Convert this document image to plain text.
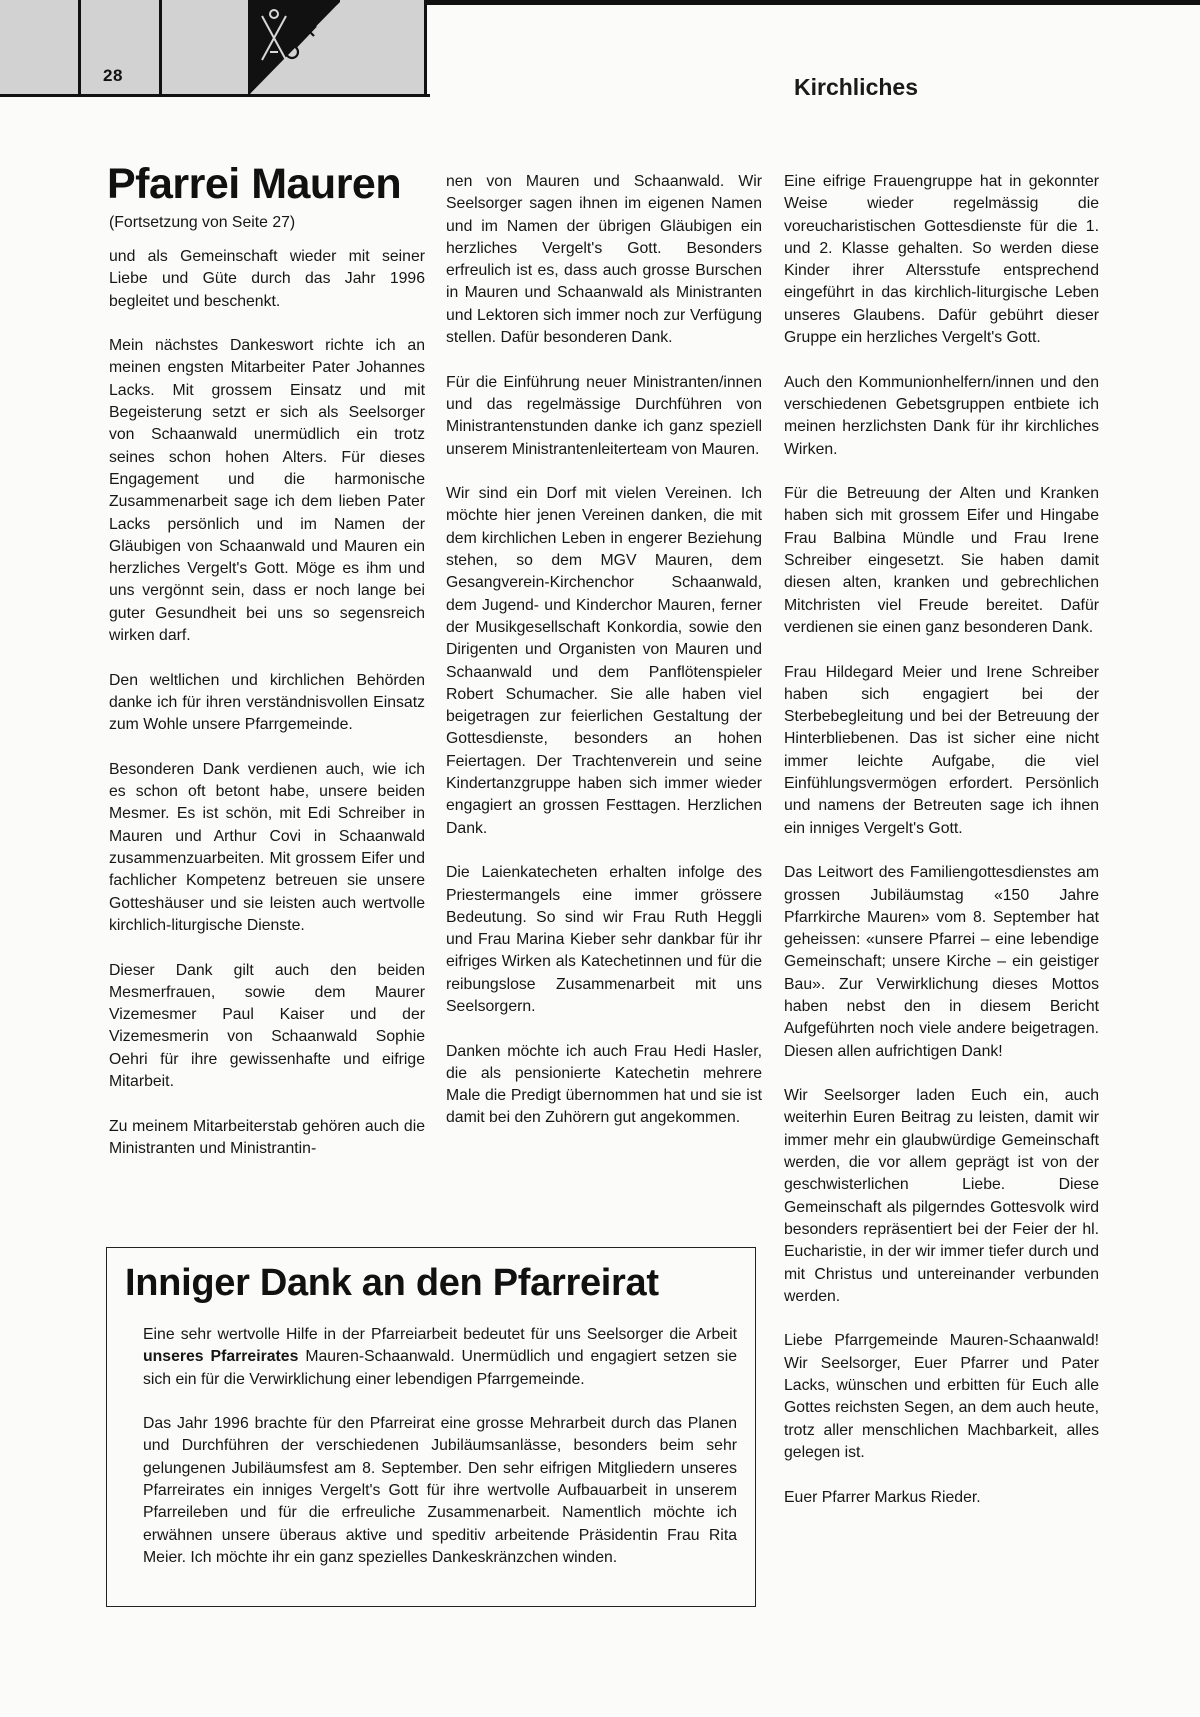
28	Kirchliches
Pfarrei Mauren

(Fortsetzung von Seite 27)

und als Gemeinschaft wieder mit seiner Liebe und Güte durch das Jahr 1996 begleitet und beschenkt.

Mein nächstes Dankeswort richte ich an meinen engsten Mitarbeiter Pater Johannes Lacks. Mit grossem Einsatz und mit Begeisterung setzt er sich als Seelsorger von Schaanwald unermüdlich ein trotz seines schon hohen Alters. Für dieses Engagement und die harmonische Zusammenarbeit sage ich dem lieben Pater Lacks persönlich und im Namen der Gläubigen von Schaanwald und Mauren ein herzliches Vergelt's Gott. Möge es ihm und uns vergönnt sein, dass er noch lange bei guter Gesundheit bei uns so segensreich wirken darf.

Den weltlichen und kirchlichen Behörden danke ich für ihren verständnisvollen Einsatz zum Wohle unsere Pfarrgemeinde.

Besonderen Dank verdienen auch, wie ich es schon oft betont habe, unsere beiden Mesmer. Es ist schön, mit Edi Schreiber in Mauren und Arthur Covi in Schaanwald zusammenzuarbeiten. Mit grossem Eifer und fachlicher Kompetenz betreuen sie unsere Gotteshäuser und sie leisten auch wertvolle kirchlich-liturgische Dienste.

Dieser Dank gilt auch den beiden Mesmerfrauen, sowie dem Maurer Vizemesmer Paul Kaiser und der Vizemesmerin von Schaanwald Sophie Oehri für ihre gewissenhafte und eifrige Mitarbeit.

Zu meinem Mitarbeiterstab gehören auch die Ministranten und Ministrantin-

nen von Mauren und Schaanwald. Wir Seelsorger sagen ihnen im eigenen Namen und im Namen der übrigen Gläubigen ein herzliches Vergelt's Gott. Besonders erfreulich ist es, dass auch grosse Burschen in Mauren und Schaanwald als Ministranten und Lektoren sich immer noch zur Verfügung stellen. Dafür besonderen Dank.

Für die Einführung neuer Ministranten/innen und das regelmässige Durchführen von Ministrantenstunden danke ich ganz speziell unserem Ministrantenleiterteam von Mauren.

Wir sind ein Dorf mit vielen Vereinen. Ich möchte hier jenen Vereinen danken, die mit dem kirchlichen Leben in engerer Beziehung stehen, so dem MGV Mauren, dem Gesangverein-Kirchenchor Schaanwald, dem Jugend- und Kinderchor Mauren, ferner der Musikgesellschaft Konkordia, sowie den Dirigenten und Organisten von Mauren und Schaanwald und dem Panflötenspieler Robert Schumacher. Sie alle haben viel beigetragen zur feierlichen Gestaltung der Gottesdienste, besonders an hohen Feiertagen. Der Trachtenverein und seine Kindertanzgruppe haben sich immer wieder engagiert an grossen Festtagen. Herzlichen Dank.

Die Laienkatecheten erhalten infolge des Priestermangels eine immer grössere Bedeutung. So sind wir Frau Ruth Heggli und Frau Marina Kieber sehr dankbar für ihr eifriges Wirken als Katechetinnen und für die reibungslose Zusammenarbeit mit uns Seelsorgern.

Danken möchte ich auch Frau Hedi Hasler, die als pensionierte Katechetin mehrere Male die Predigt übernommen hat und sie ist damit bei den Zuhörern gut angekommen.

Eine eifrige Frauengruppe hat in gekonnter Weise wieder regelmässig die voreucharistischen Gottesdienste für die 1. und 2. Klasse gehalten. So werden diese Kinder ihrer Altersstufe entsprechend eingeführt in das kirchlich-liturgische Leben unseres Glaubens. Dafür gebührt dieser Gruppe ein herzliches Vergelt's Gott.

Auch den Kommunionhelfern/innen und den verschiedenen Gebetsgruppen entbiete ich meinen herzlichsten Dank für ihr kirchliches Wirken.

Für die Betreuung der Alten und Kranken haben sich mit grossem Eifer und Hingabe Frau Balbina Mündle und Frau Irene Schreiber eingesetzt. Sie haben damit diesen alten, kranken und gebrechlichen Mitchristen viel Freude bereitet. Dafür verdienen sie einen ganz besonderen Dank.

Frau Hildegard Meier und Irene Schreiber haben sich engagiert bei der Sterbebegleitung und bei der Betreuung der Hinterbliebenen. Das ist sicher eine nicht immer leichte Aufgabe, die viel Einfühlungsvermögen erfordert. Persönlich und namens der Betreuten sage ich ihnen ein inniges Vergelt's Gott.

Das Leitwort des Familiengottesdienstes am grossen Jubiläumstag «150 Jahre Pfarrkirche Mauren» vom 8. September hat geheissen: «unsere Pfarrei – eine lebendige Gemeinschaft; unsere Kirche – ein geistiger Bau». Zur Verwirklichung dieses Mottos haben nebst den in diesem Bericht Aufgeführten noch viele andere beigetragen. Diesen allen aufrichtigen Dank!

Wir Seelsorger laden Euch ein, auch weiterhin Euren Beitrag zu leisten, damit wir immer mehr ein glaubwürdige Gemeinschaft werden, die vor allem geprägt ist von der geschwisterlichen Liebe. Diese Gemeinschaft als pilgerndes Gottesvolk wird besonders repräsentiert bei der Feier der hl. Eucharistie, in der wir immer tiefer durch und mit Christus und untereinander verbunden werden.

Liebe Pfarrgemeinde Mauren-Schaanwald! Wir Seelsorger, Euer Pfarrer und Pater Lacks, wünschen und erbitten für Euch alle Gottes reichsten Segen, an dem auch heute, trotz aller menschlichen Machbarkeit, alles gelegen ist.

Euer Pfarrer Markus Rieder.

Inniger Dank an den Pfarreirat

Eine sehr wertvolle Hilfe in der Pfarreiarbeit bedeutet für uns Seelsorger die Arbeit unseres Pfarreirates Mauren-Schaanwald. Unermüdlich und engagiert setzen sie sich ein für die Verwirklichung einer lebendigen Pfarrgemeinde.

Das Jahr 1996 brachte für den Pfarreirat eine grosse Mehrarbeit durch das Planen und Durchführen der verschiedenen Jubiläumsanlässe, besonders beim sehr gelungenen Jubiläumsfest am 8. September. Den sehr eifrigen Mitgliedern unseres Pfarreirates ein inniges Vergelt's Gott für ihre wertvolle Aufbauarbeit in unserem Pfarreileben und für die erfreuliche Zusammenarbeit. Namentlich möchte ich erwähnen unsere überaus aktive und speditiv arbeitende Präsidentin Frau Rita Meier. Ich möchte ihr ein ganz spezielles Dankeskränzchen winden.
